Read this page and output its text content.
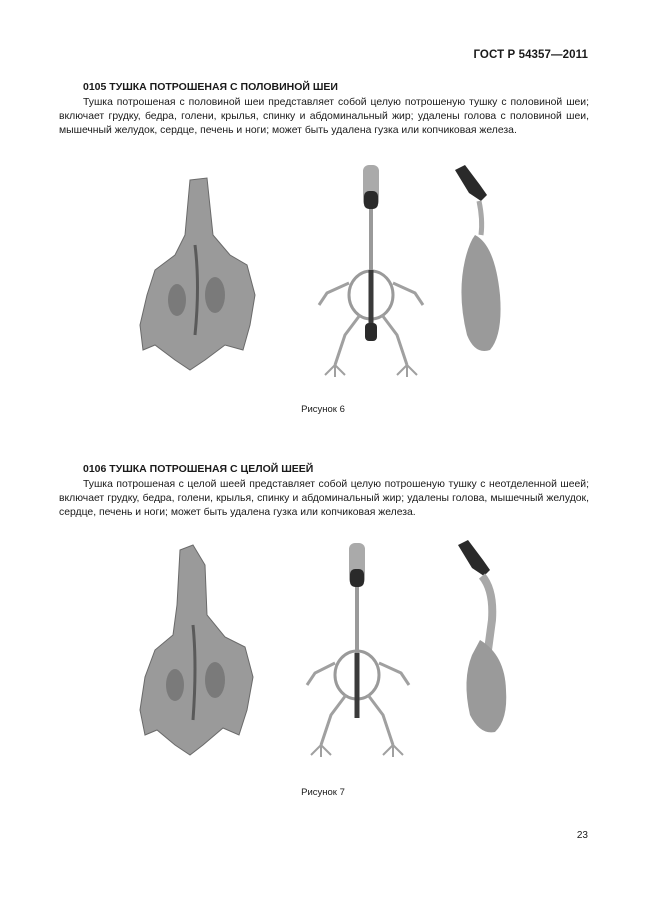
ГОСТ Р 54357—2011

0105 ТУШКА ПОТРОШЕНАЯ С ПОЛОВИНОЙ ШЕИ

Тушка потрошеная с половиной шеи представляет собой целую потрошеную тушку с половиной шеи; включает грудку, бедра, голени, крылья, спинку и абдоминальный жир; удалены голова с половиной шеи, мышечный желудок, сердце, печень и ноги; может быть удалена гузка или копчиковая железа.

Рисунок 6

0106 ТУШКА ПОТРОШЕНАЯ С ЦЕЛОЙ ШЕЕЙ

Тушка потрошеная с целой шеей представляет собой целую потрошеную тушку с неотделенной шеей; включает грудку, бедра, голени, крылья, спинку и абдоминальный жир; удалены голова, мышечный желудок, сердце, печень и ноги; может быть удалена гузка или копчиковая железа.

Рисунок 7
23
